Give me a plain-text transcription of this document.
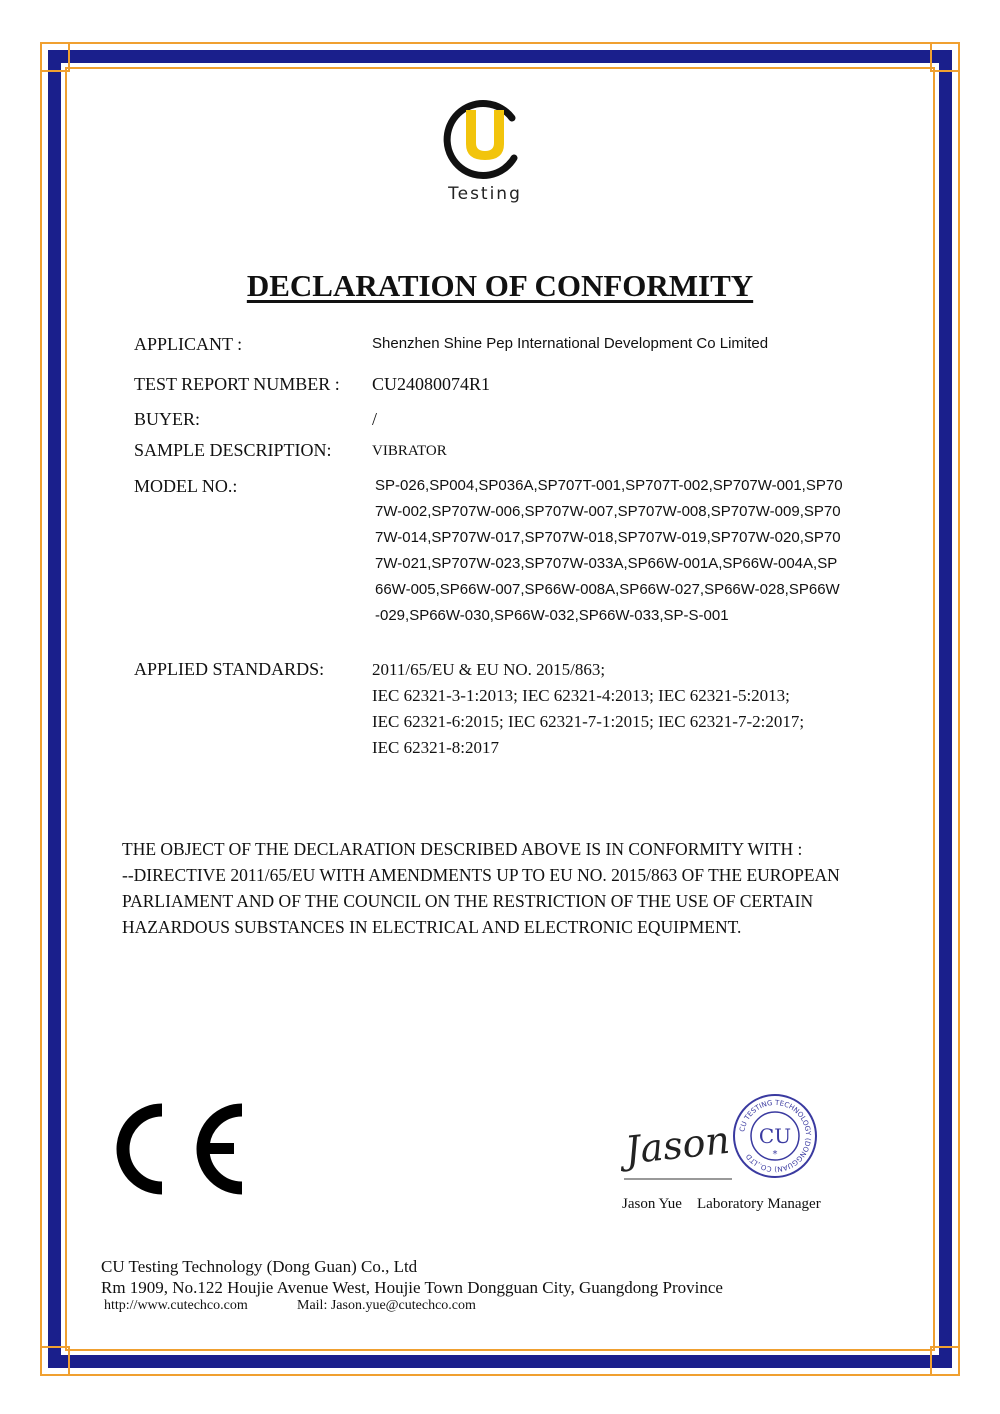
Testing
DECLARATION OF CONFORMITY
APPLICANT :	Shenzhen Shine Pep International Development Co Limited
TEST REPORT NUMBER : CU24080074R1
BUYER:	/
SAMPLE DESCRIPTION:	VIBRATOR
MODEL NO.:	SP-026,SP004,SP036A,SP707T-001,SP707T-002,SP707W-001,SP70
7W-002,SP707W-006,SP707W-007,SP707W-008,SP707W-009,SP70
7W-014,SP707W-017,SP707W-018,SP707W-019,SP707W-020,SP70
7W-021,SP707W-023,SP707W-033A,SP66W-001A,SP66W-004A,SP
66W-005,SP66W-007,SP66W-008A,SP66W-027,SP66W-028,SP66W
-029,SP66W-030,SP66W-032,SP66W-033,SP-S-001
APPLIED STANDARDS:	2011/65/EU & EU NO. 2015/863;
IEC 62321-3-1:2013; IEC 62321-4:2013; IEC 62321-5:2013;
IEC 62321-6:2015; IEC 62321-7-1:2015; IEC 62321-7-2:2017;
IEC 62321-8:2017
THE OBJECT OF THE DECLARATION DESCRIBED ABOVE IS IN CONFORMITY WITH :
--DIRECTIVE 2011/65/EU WITH AMENDMENTS UP TO EU NO. 2015/863 OF THE EUROPEAN
PARLIAMENT AND OF THE COUNCIL ON THE RESTRICTION OF THE USE OF CERTAIN
HAZARDOUS SUBSTANCES IN ELECTRICAL AND ELECTRONIC EQUIPMENT.
Jason CU TESTING TECHNOLOGY (DONGGUAN) CO.,LTD
CU
*
Jason Yue Laboratory Manager
CU Testing Technology (Dong Guan) Co., Ltd
Rm 1909, No.122 Houjie Avenue West, Houjie Town Dongguan City, Guangdong Province
http://www.cutechco.com	Mail: Jason.yue@cutechco.com
